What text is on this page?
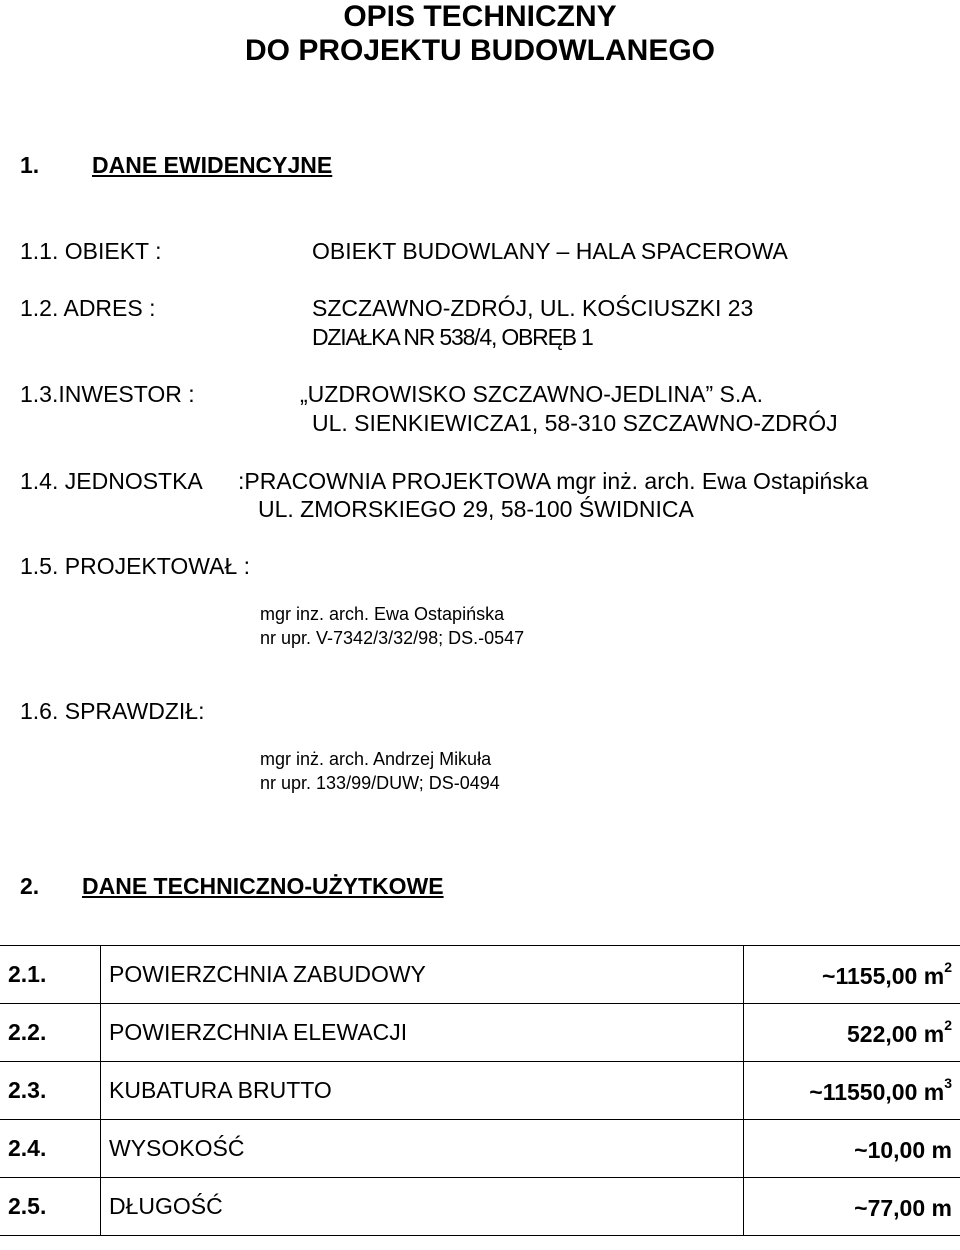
OPIS TECHNICZNY
DO PROJEKTU BUDOWLANEGO
1. DANE EWIDENCYJNE
1.1. OBIEKT :	OBIEKT BUDOWLANY – HALA SPACEROWA
1.2. ADRES :	SZCZAWNO-ZDRÓJ, UL. KOŚCIUSZKI 23
DZIAŁKA NR 538/4, OBRĘB 1
1.3.INWESTOR :	„UZDROWISKO SZCZAWNO-JEDLINA” S.A.
UL. SIENKIEWICZA1, 58-310 SZCZAWNO-ZDRÓJ
1.4. JEDNOSTKA :PRACOWNIA PROJEKTOWA mgr inż. arch. Ewa Ostapińska
UL. ZMORSKIEGO 29, 58-100 ŚWIDNICA
1.5. PROJEKTOWAŁ :
mgr inz. arch. Ewa Ostapińska
nr upr. V-7342/3/32/98; DS.-0547
1.6. SPRAWDZIŁ:
mgr inż. arch. Andrzej Mikuła
nr upr. 133/99/DUW; DS-0494
2. DANE TECHNICZNO-UŻYTKOWE
2.1.	POWIERZCHNIA ZABUDOWY	~1155,00 $m^2$
2.2.	POWIERZCHNIA ELEWACJI	522,00 $m^2$
2.3.	KUBATURA BRUTTO	~11550,00 $m^3$
2.4.	WYSOKOŚĆ	~10,00 m
2.5.	DŁUGOŚĆ	~77,00 m
